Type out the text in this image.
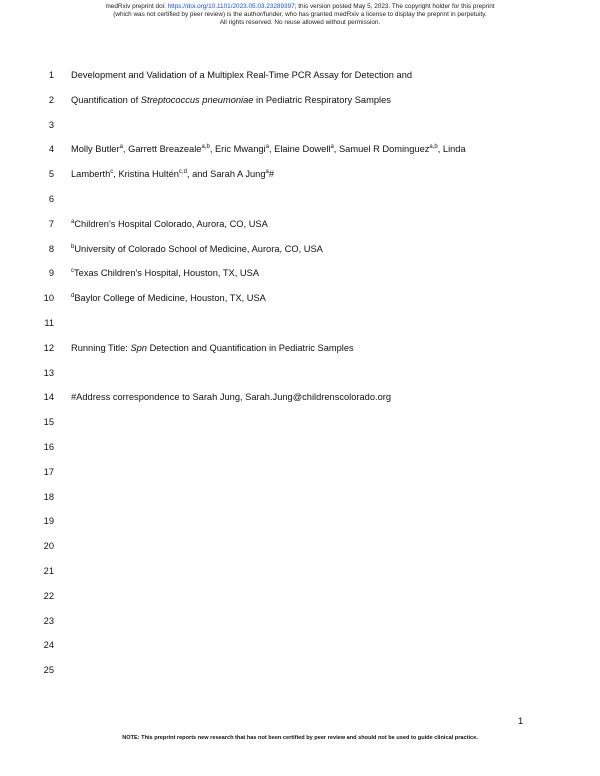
medRxiv preprint doi: https://doi.org/10.1101/2023.05.03.23289397; this version posted May 5, 2023. The copyright holder for this preprint
(which was not certified by peer review) is the author/funder, who has granted medRxiv a license to display the preprint in perpetuity.
All rights reserved. No reuse allowed without permission.
1 Development and Validation of a Multiplex Real-Time PCR Assay for Detection and
2 Quantification of Streptococcus pneumoniae in Pediatric Respiratory Samples
3
4 Molly Butler$^a$, Garrett Breazeale$^{a,b}$, Eric Mwangi$^a$, Elaine Dowell$^a$, Samuel R Dominguez$^{a,b}$, Linda
5 Lamberth$^c$, Kristina Hultén$^{c,d}$, and Sarah A Jung$^a$#
6
7	$^a$Children's Hospital Colorado, Aurora, CO, USA
8	$^b$University of Colorado School of Medicine, Aurora, CO, USA
9	$^c$Texas Children's Hospital, Houston, TX, USA
10	$^d$Baylor College of Medicine, Houston, TX, USA
11
12 Running Title: Spn Detection and Quantification in Pediatric Samples
13
14 #Address correspondence to Sarah Jung, Sarah.Jung@childrenscolorado.org
15
16
17
18
19
20
21
22
23
24
25
1
NOTE: This preprint reports new research that has not been certified by peer review and should not be used to guide clinical practice.
